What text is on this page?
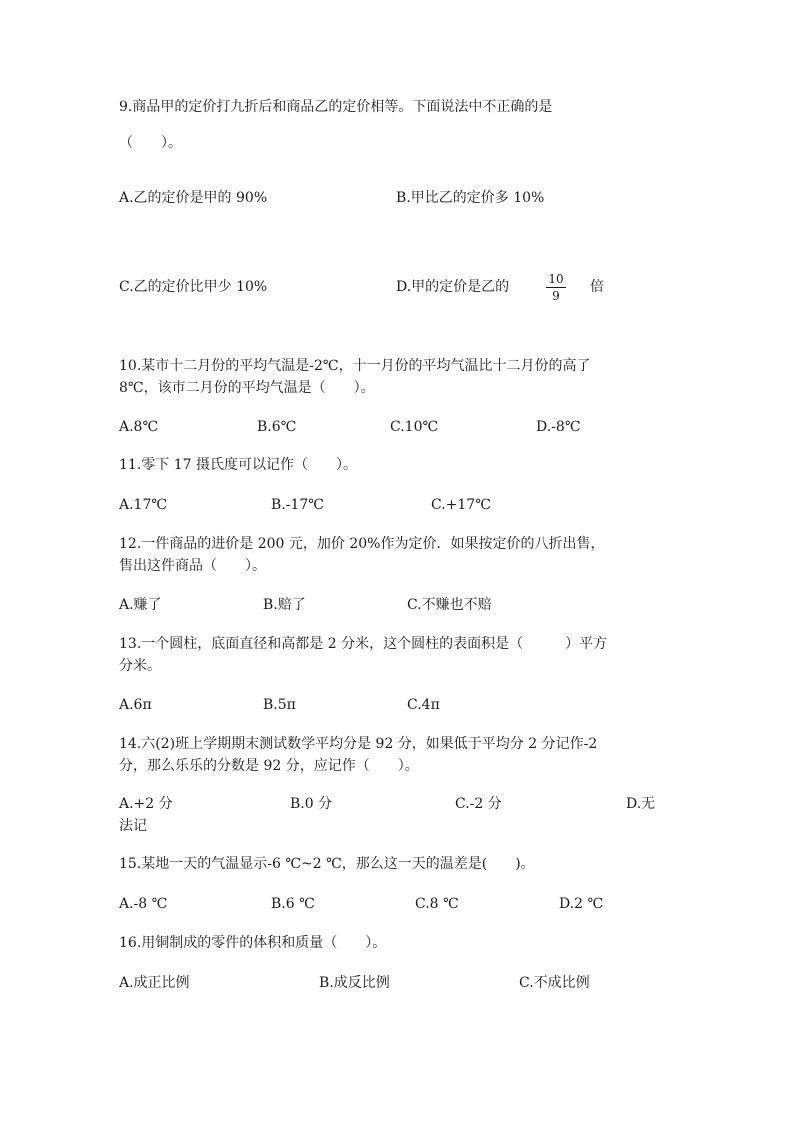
9.商品甲的定价打九折后和商品乙的定价相等。下面说法中不正确的是
（　　）。
A.乙的定价是甲的 90%	B.甲比乙的定价多 10%
C.乙的定价比甲少 10%	D.甲的定价是乙的	$\frac{10}{9}$ 倍
10.某市十二月份的平均气温是-2℃，十一月份的平均气温比十二月份的高了
8℃，该市二月份的平均气温是（　　）。
A.8℃	B.6℃	C.10℃	D.-8℃
11.零下 17 摄氏度可以记作（　　）。
A.17℃	B.-17℃	C.+17℃
12.一件商品的进价是 200 元，加价 20%作为定价．如果按定价的八折出售，
售出这件商品（　　）。
A.赚了	B.赔了	C.不赚也不赔
13.一个圆柱，底面直径和高都是 2 分米，这个圆柱的表面积是（　　　）平方
分米。
A.6π	B.5π	C.4π
14.六(2)班上学期期末测试数学平均分是 92 分，如果低于平均分 2 分记作-2
分，那么乐乐的分数是 92 分，应记作（　　）。
A.+2 分	B.0 分	C.-2 分	D.无
法记
15.某地一天的气温显示-6 ℃~2 ℃，那么这一天的温差是(　　)。
A.-8 ℃	B.6 ℃	C.8 ℃	D.2 ℃
16.用铜制成的零件的体积和质量（　　）。
A.成正比例	B.成反比例	C.不成比例
